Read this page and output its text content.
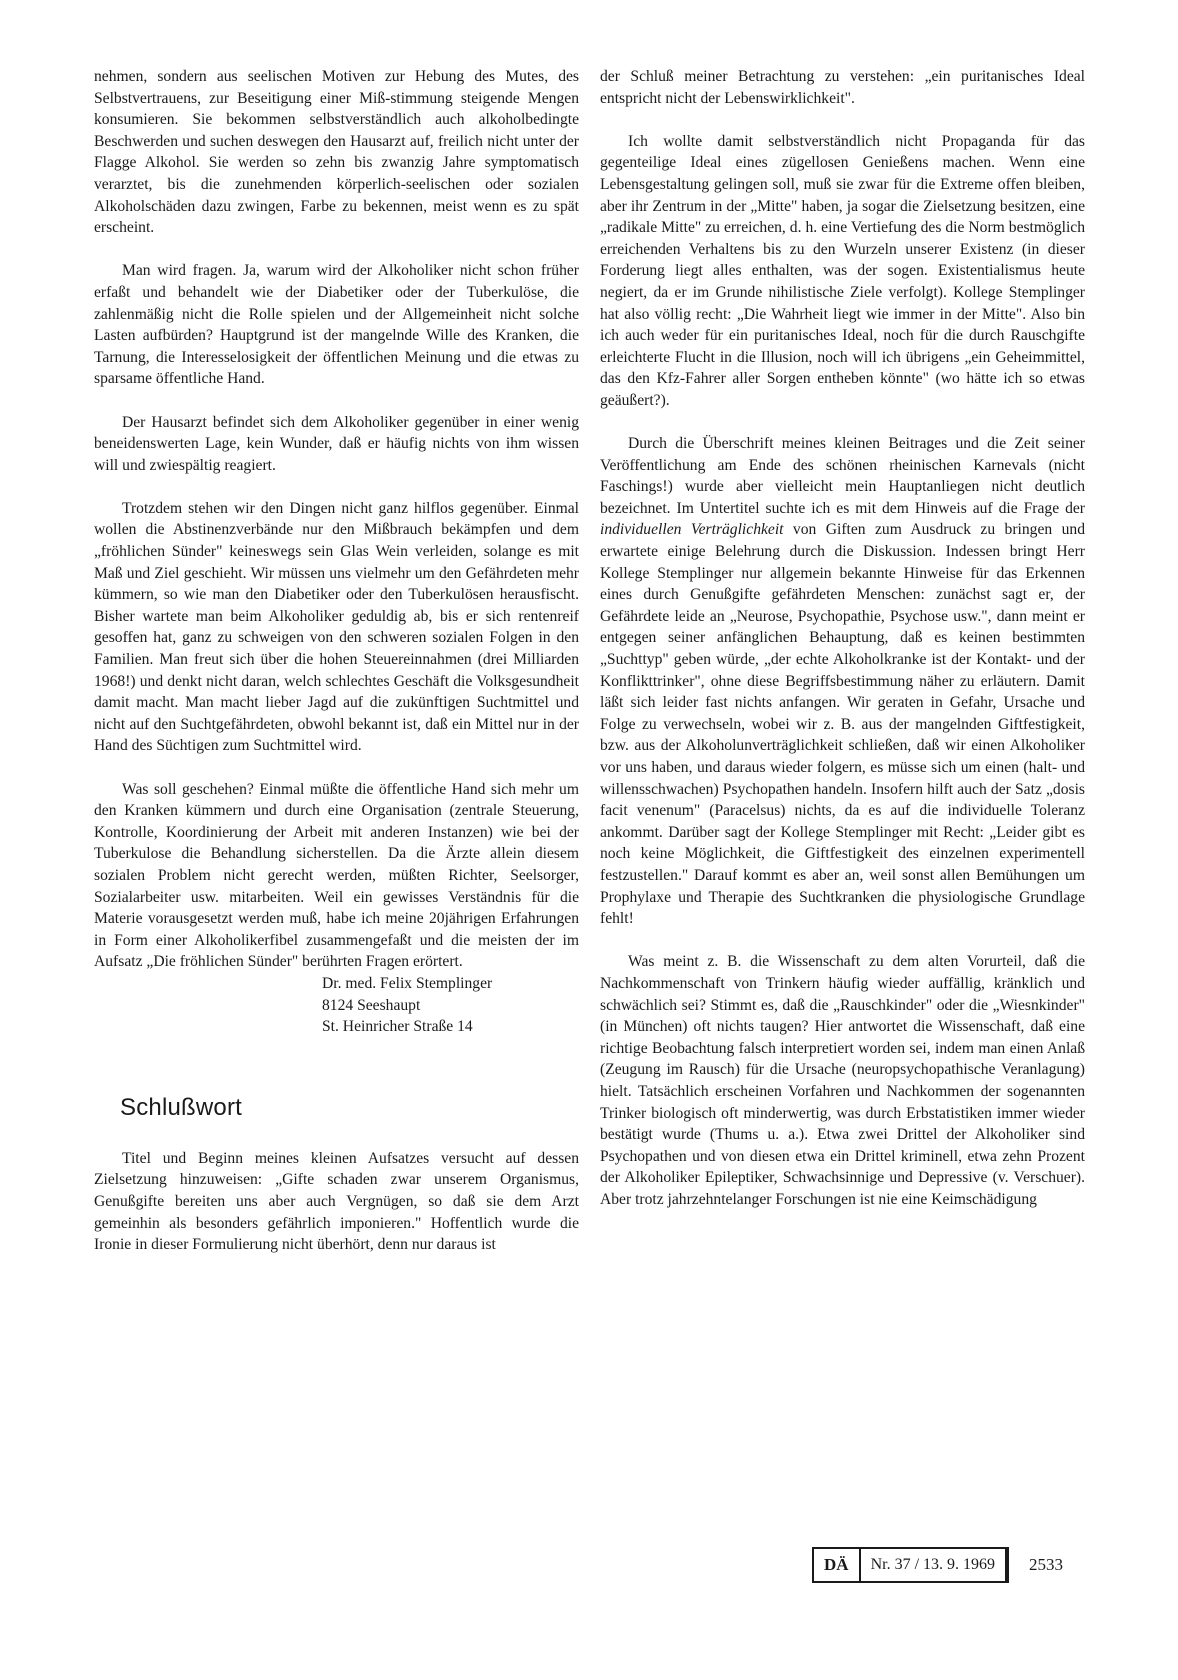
nehmen, sondern aus seelischen Motiven zur Hebung des Mutes, des Selbstvertrauens, zur Beseitigung einer Miß-stimmung steigende Mengen konsumieren. Sie bekommen selbstverständlich auch alkoholbedingte Beschwerden und suchen deswegen den Hausarzt auf, freilich nicht unter der Flagge Alkohol. Sie werden so zehn bis zwanzig Jahre symptomatisch verarztet, bis die zunehmenden körperlich-seelischen oder sozialen Alkoholschäden dazu zwingen, Farbe zu bekennen, meist wenn es zu spät erscheint.

Man wird fragen. Ja, warum wird der Alkoholiker nicht schon früher erfaßt und behandelt wie der Diabetiker oder der Tuberkulöse, die zahlenmäßig nicht die Rolle spielen und der Allgemeinheit nicht solche Lasten aufbürden? Hauptgrund ist der mangelnde Wille des Kranken, die Tarnung, die Interesselosigkeit der öffentlichen Meinung und die etwas zu sparsame öffentliche Hand.

Der Hausarzt befindet sich dem Alkoholiker gegenüber in einer wenig beneidenswerten Lage, kein Wunder, daß er häufig nichts von ihm wissen will und zwiespältig reagiert.

Trotzdem stehen wir den Dingen nicht ganz hilflos gegenüber. Einmal wollen die Abstinenzverbände nur den Mißbrauch bekämpfen und dem „fröhlichen Sünder" keineswegs sein Glas Wein verleiden, solange es mit Maß und Ziel geschieht. Wir müssen uns vielmehr um den Gefährdeten mehr kümmern, so wie man den Diabetiker oder den Tuberkulösen herausfischt. Bisher wartete man beim Alkoholiker geduldig ab, bis er sich rentenreif gesoffen hat, ganz zu schweigen von den schweren sozialen Folgen in den Familien. Man freut sich über die hohen Steuereinnahmen (drei Milliarden 1968!) und denkt nicht daran, welch schlechtes Geschäft die Volksgesundheit damit macht. Man macht lieber Jagd auf die zukünftigen Suchtmittel und nicht auf den Suchtgefährdeten, obwohl bekannt ist, daß ein Mittel nur in der Hand des Süchtigen zum Suchtmittel wird.

Was soll geschehen? Einmal müßte die öffentliche Hand sich mehr um den Kranken kümmern und durch eine Organisation (zentrale Steuerung, Kontrolle, Koordinierung der Arbeit mit anderen Instanzen) wie bei der Tuberkulose die Behandlung sicherstellen. Da die Ärzte allein diesem sozialen Problem nicht gerecht werden, müßten Richter, Seelsorger, Sozialarbeiter usw. mitarbeiten. Weil ein gewisses Verständnis für die Materie vorausgesetzt werden muß, habe ich meine 20jährigen Erfahrungen in Form einer Alkoholikerfibel zusammengefaßt und die meisten der im Aufsatz „Die fröhlichen Sünder" berührten Fragen erörtert.

Dr. med. Felix Stemplinger
8124 Seeshaupt
St. Heinricher Straße 14
Schlußwort

Titel und Beginn meines kleinen Aufsatzes versucht auf dessen Zielsetzung hinzuweisen: „Gifte schaden zwar unserem Organismus, Genußgifte bereiten uns aber auch Vergnügen, so daß sie dem Arzt gemeinhin als besonders gefährlich imponieren." Hoffentlich wurde die Ironie in dieser Formulierung nicht überhört, denn nur daraus ist

der Schluß meiner Betrachtung zu verstehen: „ein puritanisches Ideal entspricht nicht der Lebenswirklichkeit".

Ich wollte damit selbstverständlich nicht Propaganda für das gegenteilige Ideal eines zügellosen Genießens machen. Wenn eine Lebensgestaltung gelingen soll, muß sie zwar für die Extreme offen bleiben, aber ihr Zentrum in der „Mitte" haben, ja sogar die Zielsetzung besitzen, eine „radikale Mitte" zu erreichen, d. h. eine Vertiefung des die Norm bestmöglich erreichenden Verhaltens bis zu den Wurzeln unserer Existenz (in dieser Forderung liegt alles enthalten, was der sogen. Existentialismus heute negiert, da er im Grunde nihilistische Ziele verfolgt). Kollege Stemplinger hat also völlig recht: „Die Wahrheit liegt wie immer in der Mitte". Also bin ich auch weder für ein puritanisches Ideal, noch für die durch Rauschgifte erleichterte Flucht in die Illusion, noch will ich übrigens „ein Geheimmittel, das den Kfz-Fahrer aller Sorgen entheben könnte" (wo hätte ich so etwas geäußert?).

Durch die Überschrift meines kleinen Beitrages und die Zeit seiner Veröffentlichung am Ende des schönen rheinischen Karnevals (nicht Faschings!) wurde aber vielleicht mein Hauptanliegen nicht deutlich bezeichnet. Im Untertitel suchte ich es mit dem Hinweis auf die Frage der individuellen Verträglichkeit von Giften zum Ausdruck zu bringen und erwartete einige Belehrung durch die Diskussion. Indessen bringt Herr Kollege Stemplinger nur allgemein bekannte Hinweise für das Erkennen eines durch Genußgifte gefährdeten Menschen: zunächst sagt er, der Gefährdete leide an „Neurose, Psychopathie, Psychose usw.", dann meint er entgegen seiner anfänglichen Behauptung, daß es keinen bestimmten „Suchttyp" geben würde, „der echte Alkoholkranke ist der Kontakt- und der Konflikttrinker", ohne diese Begriffsbestimmung näher zu erläutern. Damit läßt sich leider fast nichts anfangen. Wir geraten in Gefahr, Ursache und Folge zu verwechseln, wobei wir z. B. aus der mangelnden Giftfestigkeit, bzw. aus der Alkoholunverträglichkeit schließen, daß wir einen Alkoholiker vor uns haben, und daraus wieder folgern, es müsse sich um einen (halt- und willensschwachen) Psychopathen handeln. Insofern hilft auch der Satz „dosis facit venenum" (Paracelsus) nichts, da es auf die individuelle Toleranz ankommt. Darüber sagt der Kollege Stemplinger mit Recht: „Leider gibt es noch keine Möglichkeit, die Giftfestigkeit des einzelnen experimentell festzustellen." Darauf kommt es aber an, weil sonst allen Bemühungen um Prophylaxe und Therapie des Suchtkranken die physiologische Grundlage fehlt!

Was meint z. B. die Wissenschaft zu dem alten Vorurteil, daß die Nachkommenschaft von Trinkern häufig wieder auffällig, kränklich und schwächlich sei? Stimmt es, daß die „Rauschkinder" oder die „Wiesnkinder" (in München) oft nichts taugen? Hier antwortet die Wissenschaft, daß eine richtige Beobachtung falsch interpretiert worden sei, indem man einen Anlaß (Zeugung im Rausch) für die Ursache (neuropsychopathische Veranlagung) hielt. Tatsächlich erscheinen Vorfahren und Nachkommen der sogenannten Trinker biologisch oft minderwertig, was durch Erbstatistiken immer wieder bestätigt wurde (Thums u. a.). Etwa zwei Drittel der Alkoholiker sind Psychopathen und von diesen etwa ein Drittel kriminell, etwa zehn Prozent der Alkoholiker Epileptiker, Schwachsinnige und Depressive (v. Verschuer). Aber trotz jahrzehntelanger Forschungen ist nie eine Keimschädigung

DÄ	Nr. 37 / 13. 9. 1969	2533
